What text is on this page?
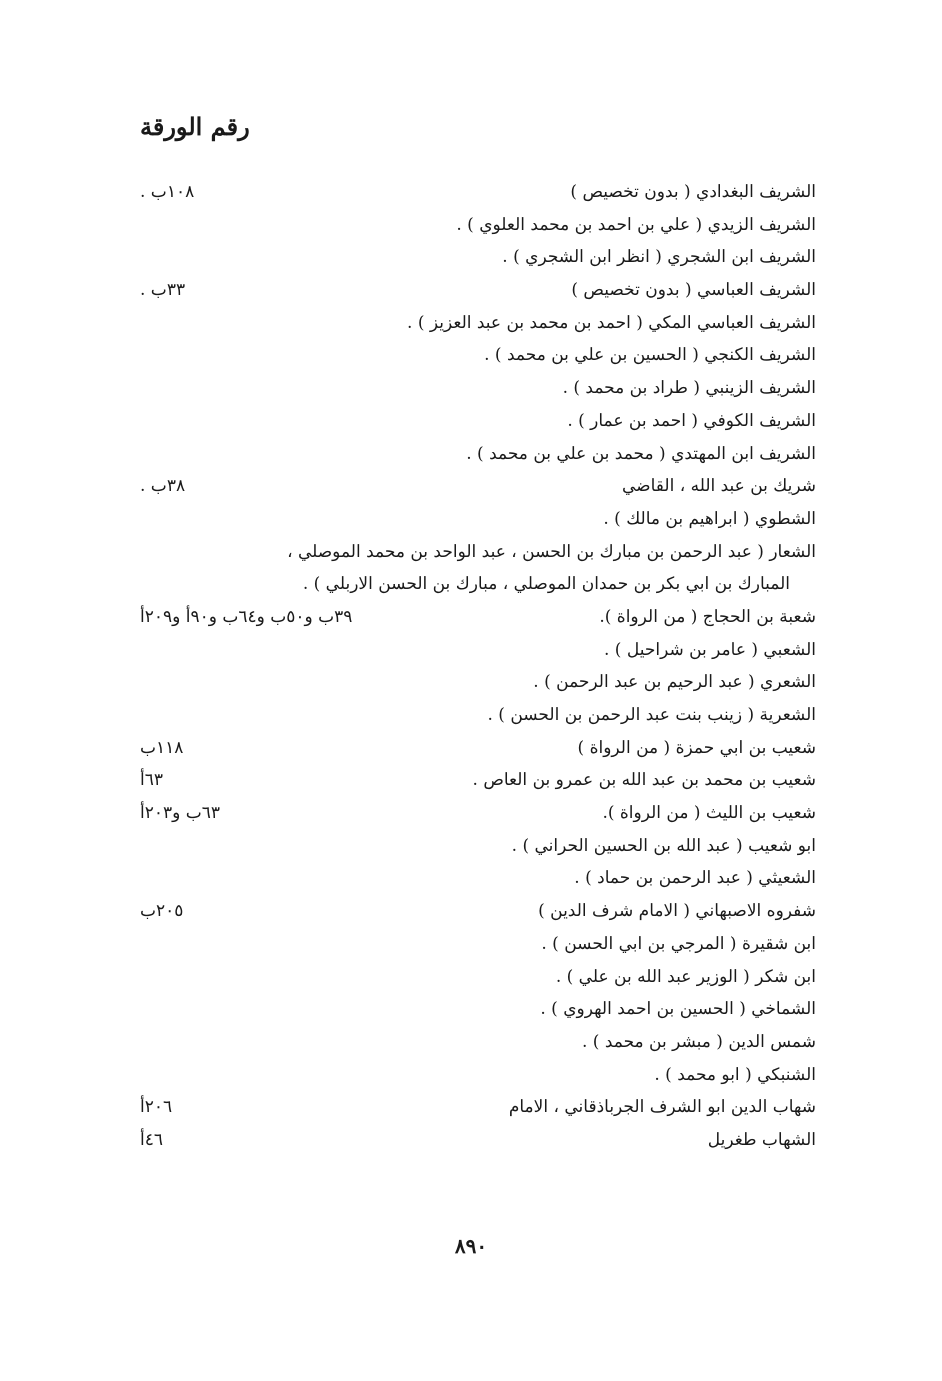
رقم الورقة
الشريف البغدادي ( بدون تخصيص )
١٠٨ب .
الشريف الزيدي ( علي بن احمد بن محمد العلوي ) .
الشريف ابن الشجري ( انظر ابن الشجري ) .
الشريف العباسي ( بدون تخصيص )
٣٣ب .
الشريف العباسي المكي ( احمد بن محمد بن عبد العزيز ) .
الشريف الكنجي ( الحسين بن علي بن محمد ) .
الشريف الزينبي ( طراد بن محمد ) .
الشريف الكوفي ( احمد بن عمار ) .
الشريف ابن المهتدي ( محمد بن علي بن محمد ) .
شريك بن عبد الله ، القاضي
٣٨ب .
الشطوي ( ابراهيم بن مالك ) .
الشعار ( عبد الرحمن بن مبارك بن الحسن ، عبد الواحد بن محمد الموصلي ،
المبارك بن ابي بكر بن حمدان الموصلي ، مبارك بن الحسن الاربلي ) .
شعبة بن الحجاج ( من الرواة ).
٣٩ب و٥٠ب و٦٤ب و٩٠أ و٢٠٩أ
الشعبي ( عامر بن شراحيل ) .
الشعري ( عبد الرحيم بن عبد الرحمن ) .
الشعرية ( زينب بنت عبد الرحمن بن الحسن ) .
شعيب بن ابي حمزة ( من الرواة )
١١٨ب
شعيب بن محمد بن عبد الله بن عمرو بن العاص .
٦٣أ
شعيب بن الليث ( من الرواة ).
٦٣ب و٢٠٣أ
ابو شعيب ( عبد الله بن الحسين الحراني ) .
الشعيثي ( عبد الرحمن بن حماد ) .
شفروه الاصبهاني ( الامام شرف الدين )
٢٠٥ب
ابن شقيرة ( المرجي بن ابي الحسن ) .
ابن شكر ( الوزير عبد الله بن علي ) .
الشماخي ( الحسين بن احمد الهروي ) .
شمس الدين ( مبشر بن محمد ) .
الشنبكي ( ابو محمد ) .
شهاب الدين ابو الشرف الجرباذقاني ، الامام
٢٠٦أ
الشهاب طغريل
٤٦أ
٨٩٠
